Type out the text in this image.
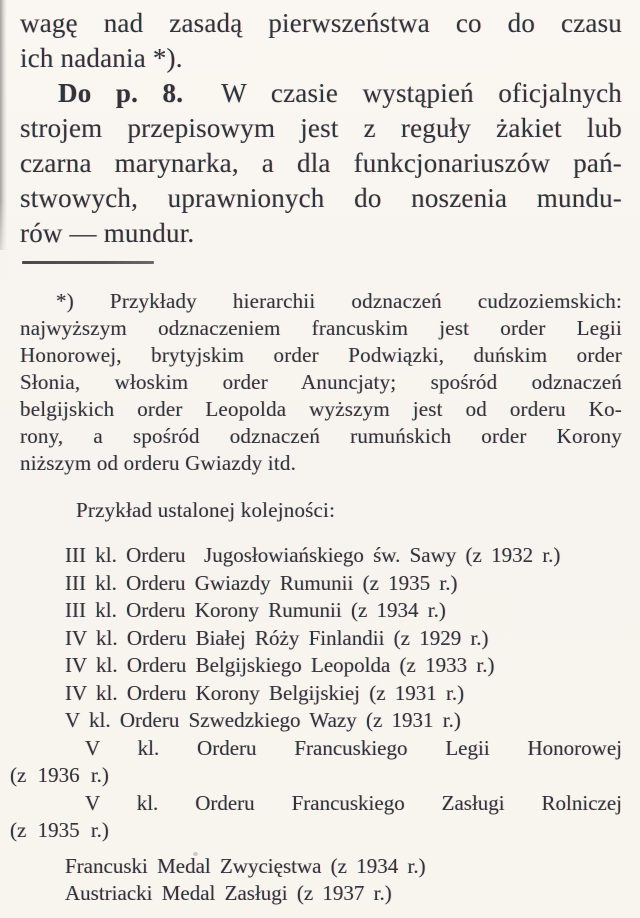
wagę nad zasadą pierwszeństwa co do czasu
ich nadania *).
Do p. 8. W czasie wystąpień oficjalnych
strojem przepisowym jest z reguły żakiet lub
czarna marynarka, a dla funkcjonariuszów pań-
stwowych, uprawnionych do noszenia mundu-
rów — mundur.
*) Przykłady hierarchii odznaczeń cudzoziemskich:
najwyższym odznaczeniem francuskim jest order Legii
Honorowej, brytyjskim order Podwiązki, duńskim order
Słonia, włoskim order Anuncjaty; spośród odznaczeń
belgijskich order Leopolda wyższym jest od orderu Ko-
rony, a spośród odznaczeń rumuńskich order Korony
niższym od orderu Gwiazdy itd.
Przykład ustalonej kolejności:
III kl. Orderu  Jugosłowiańskiego św. Sawy (z 1932 r.)
III kl. Orderu Gwiazdy Rumunii (z 1935 r.)
III kl. Orderu Korony Rumunii (z 1934 r.)
IV kl. Orderu Białej Róży Finlandii (z 1929 r.)
IV kl. Orderu Belgijskiego Leopolda (z 1933 r.)
IV kl. Orderu Korony Belgijskiej (z 1931 r.)
V kl. Orderu Szwedzkiego Wazy (z 1931 r.)
V kl. Orderu Francuskiego Legii Honorowej
(z 1936 r.)
V kl. Orderu Francuskiego Zasługi Rolniczej
(z 1935 r.)
Francuski Medal Zwycięstwa (z 1934 r.)
Austriacki Medal Zasługi (z 1937 r.)
